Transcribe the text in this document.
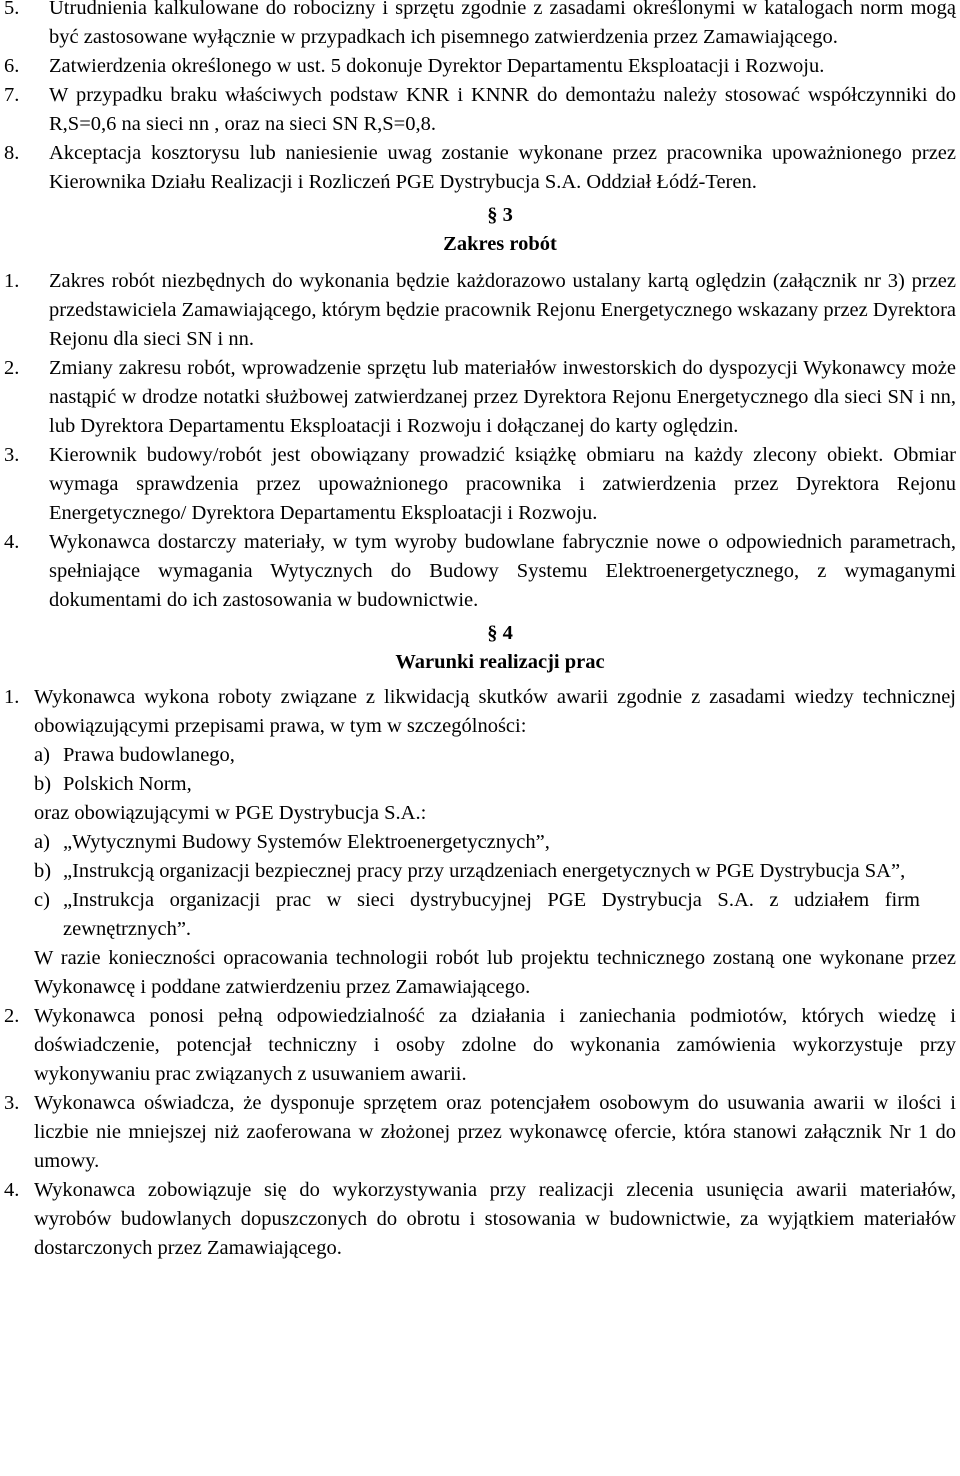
5. Utrudnienia kalkulowane do robocizny i sprzętu zgodnie z zasadami określonymi w katalogach norm mogą być zastosowane wyłącznie w przypadkach ich pisemnego zatwierdzenia przez Zamawiającego.
6. Zatwierdzenia określonego w ust. 5 dokonuje Dyrektor Departamentu Eksploatacji i Rozwoju.
7. W przypadku braku właściwych podstaw KNR i KNNR do demontażu należy stosować współczynniki do R,S=0,6 na sieci nn , oraz na sieci SN R,S=0,8.
8. Akceptacja kosztorysu lub naniesienie uwag zostanie wykonane przez pracownika upoważnionego przez Kierownika Działu Realizacji i Rozliczeń PGE Dystrybucja S.A. Oddział Łódź-Teren.
§ 3
Zakres robót
1. Zakres robót niezbędnych do wykonania będzie każdorazowo ustalany kartą oględzin (załącznik nr 3) przez przedstawiciela Zamawiającego, którym będzie pracownik Rejonu Energetycznego wskazany przez Dyrektora Rejonu dla sieci SN i nn.
2. Zmiany zakresu robót, wprowadzenie sprzętu lub materiałów inwestorskich do dyspozycji Wykonawcy może nastąpić w drodze notatki służbowej zatwierdzanej przez Dyrektora Rejonu Energetycznego dla sieci SN i nn, lub Dyrektora Departamentu Eksploatacji i Rozwoju i dołączanej do karty oględzin.
3. Kierownik budowy/robót jest obowiązany prowadzić książkę obmiaru na każdy zlecony obiekt. Obmiar wymaga sprawdzenia przez upoważnionego pracownika i zatwierdzenia przez Dyrektora Rejonu Energetycznego/ Dyrektora Departamentu Eksploatacji i Rozwoju.
4. Wykonawca dostarczy materiały, w tym wyroby budowlane fabrycznie nowe o odpowiednich parametrach, spełniające wymagania Wytycznych do Budowy Systemu Elektroenergetycznego, z wymaganymi dokumentami do ich zastosowania w budownictwie.
§ 4
Warunki realizacji prac
1. Wykonawca wykona roboty związane z likwidacją skutków awarii zgodnie z zasadami wiedzy technicznej obowiązującymi przepisami prawa, w tym w szczególności:
a) Prawa budowlanego,
b) Polskich Norm,
oraz obowiązującymi w PGE Dystrybucja S.A.:
a) „Wytycznymi Budowy Systemów Elektroenergetycznych”,
b) „Instrukcją organizacji bezpiecznej pracy przy urządzeniach energetycznych w PGE Dystrybucja SA”,
c) „Instrukcja organizacji prac w sieci dystrybucyjnej PGE Dystrybucja S.A. z udziałem firm zewnętrznych”.
W razie konieczności opracowania technologii robót lub projektu technicznego zostaną one wykonane przez Wykonawcę i poddane zatwierdzeniu przez Zamawiającego.
2. Wykonawca ponosi pełną odpowiedzialność za działania i zaniechania podmiotów, których wiedzę i doświadczenie, potencjał techniczny i osoby zdolne do wykonania zamówienia wykorzystuje przy wykonywaniu prac związanych z usuwaniem awarii.
3. Wykonawca oświadcza, że dysponuje sprzętem oraz potencjałem osobowym do usuwania awarii w ilości i liczbie nie mniejszej niż zaoferowana w złożonej przez wykonawcę ofercie, która stanowi załącznik Nr 1 do umowy.
4. Wykonawca zobowiązuje się do wykorzystywania przy realizacji zlecenia usunięcia awarii materiałów, wyrobów budowlanych dopuszczonych do obrotu i stosowania w budownictwie, za wyjątkiem materiałów dostarczonych przez Zamawiającego.
